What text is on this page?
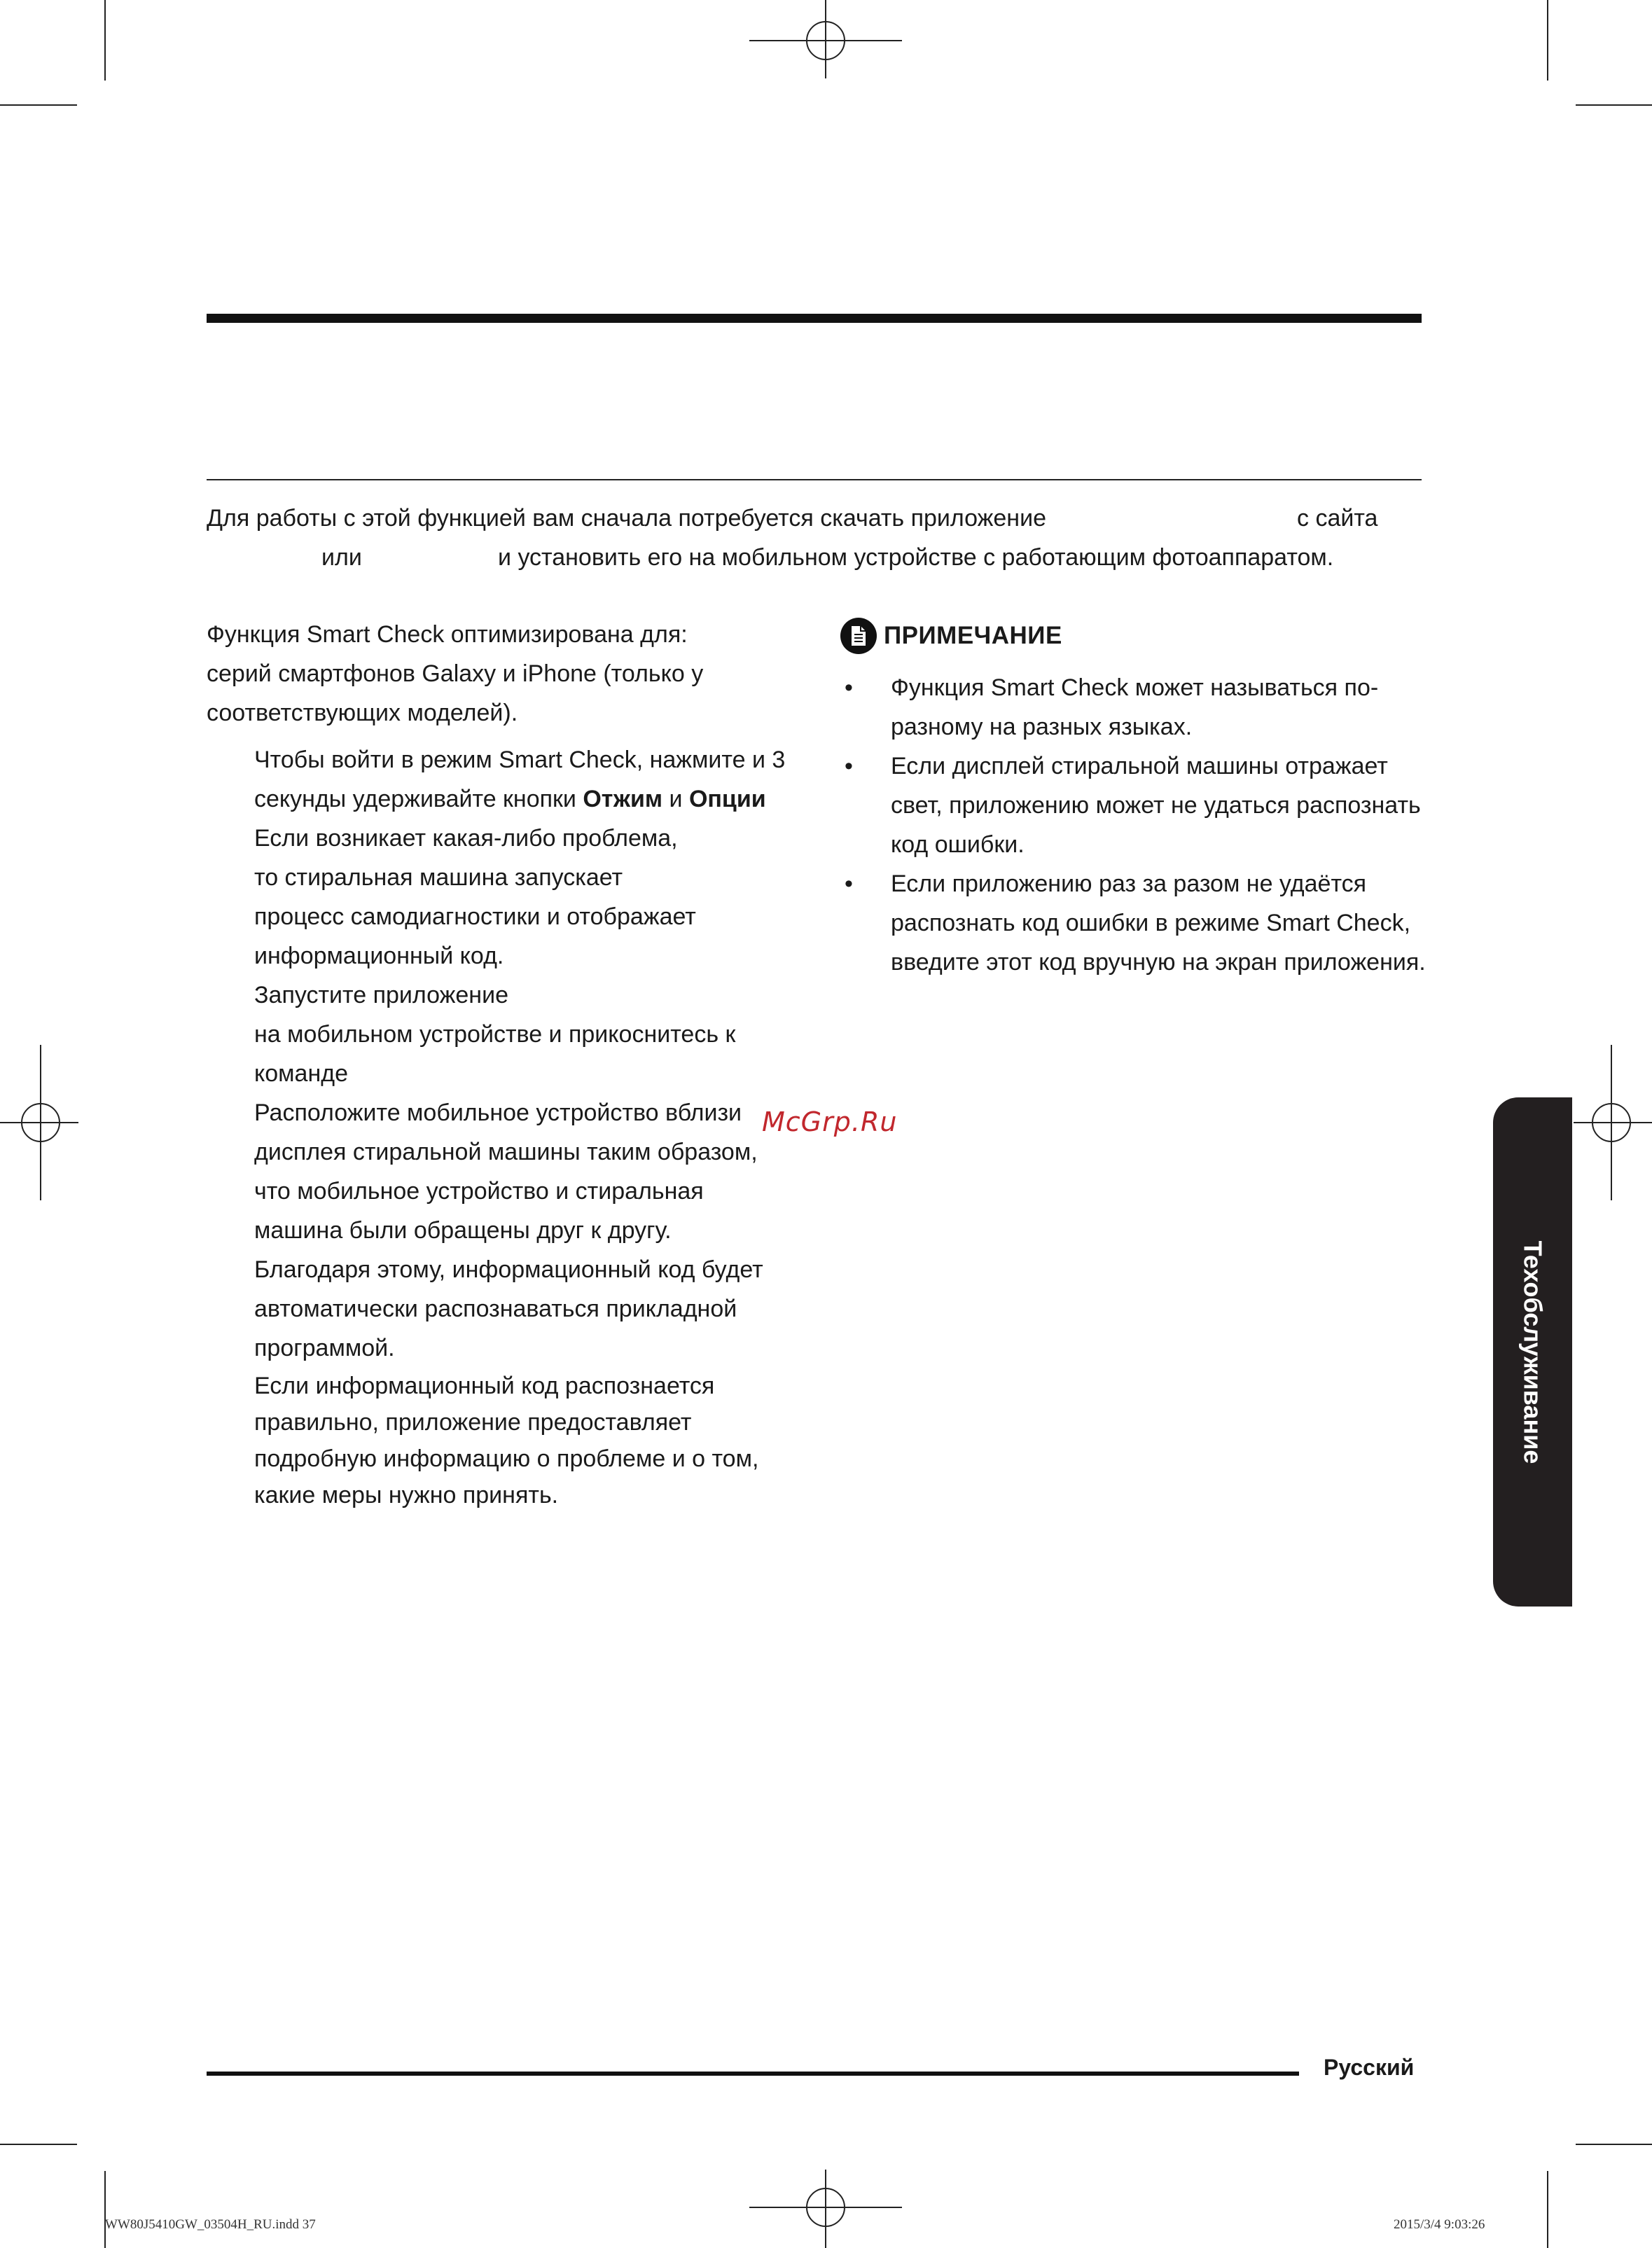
Для работы с этой функцией вам сначала потребуется скачать приложение	с сайта
или	и установить его на мобильном устройстве с работающим фотоаппаратом.
Функция Smart Check оптимизирована для:
серий смартфонов Galaxy и iPhone (только у
соответствующих моделей).
Чтобы войти в режим Smart Check, нажмите и 3
секунды удерживайте кнопки Отжим и Опции
Если возникает какая-либо проблема,
то стиральная машина запускает
процесс самодиагностики и отображает
информационный код.
Запустите приложение
на мобильном устройстве и прикоснитесь к
команде
Расположите мобильное устройство вблизи
дисплея стиральной машины таким образом,
что мобильное устройство и стиральная
машина были обращены друг к другу.
Благодаря этому, информационный код будет
автоматически распознаваться прикладной
программой.
Если информационный код распознается
правильно, приложение предоставляет
подробную информацию о проблеме и о том,
какие меры нужно принять.
ПРИМЕЧАНИЕ
• Функция Smart Check может называться по-
разному на разных языках.
• Если дисплей стиральной машины отражает
свет, приложению может не удаться распознать
код ошибки.
• Если приложению раз за разом не удаётся
распознать код ошибки в режиме Smart Check,
введите этот код вручную на экран приложения.
McGrp.Ru
Техобслуживание
Русский
WW80J5410GW_03504H_RU.indd 37	2015/3/4 9:03:26
